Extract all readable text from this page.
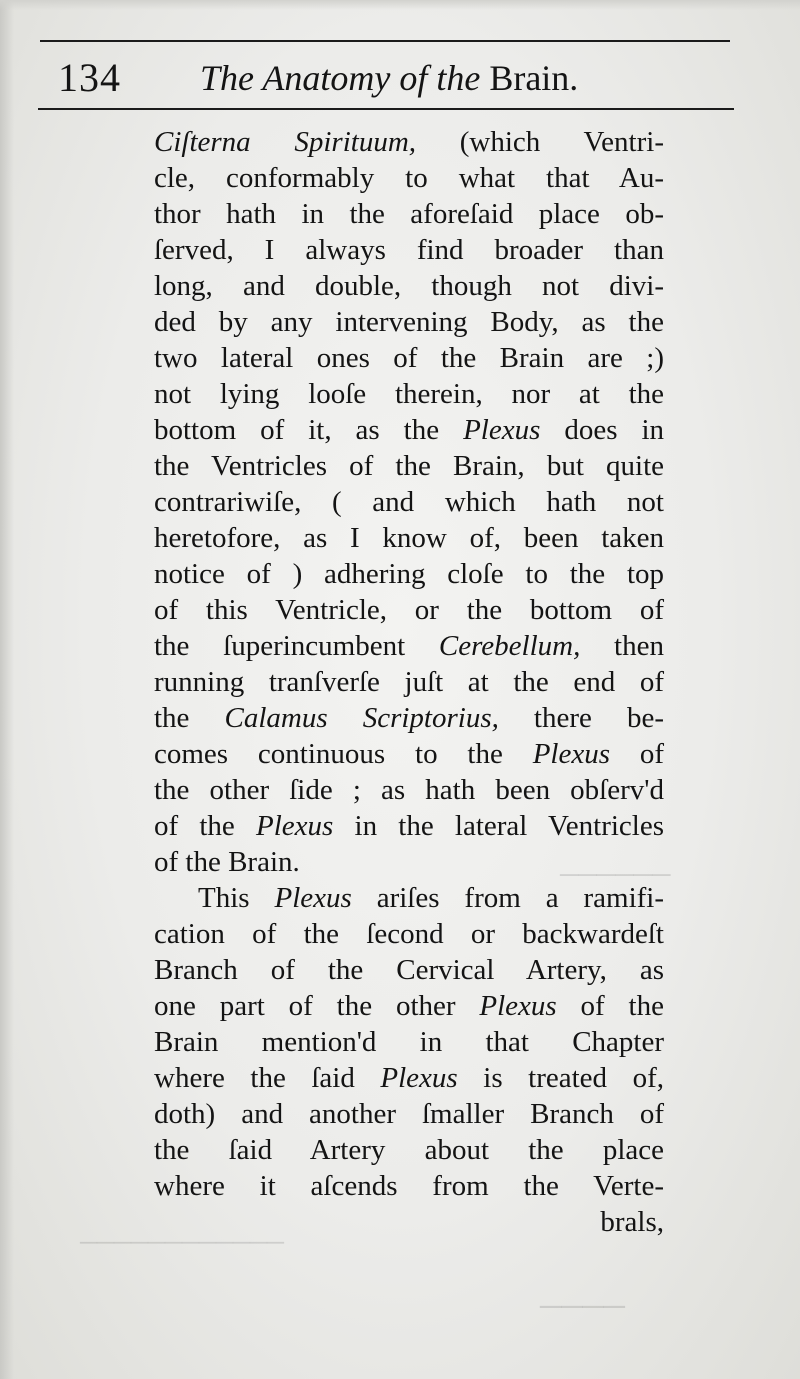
──────
────────────
────
134 The Anatomy of the Brain.
Ciſterna Spirituum, (which Ventri-
cle, conformably to what that Au-
thor hath in the aforeſaid place ob-
ſerved, I always find broader than
long, and double, though not divi-
ded by any intervening Body, as the
two lateral ones of the Brain are ;)
not lying looſe therein, nor at the
bottom of it, as the Plexus does in
the Ventricles of the Brain, but quite
contrariwiſe, ( and which hath not
heretofore, as I know of, been taken
notice of ) adhering cloſe to the top
of this Ventricle, or the bottom of
the ſuperincumbent Cerebellum, then
running tranſverſe juſt at the end of
the Calamus Scriptorius, there be-
comes continuous to the Plexus of
the other ſide ; as hath been obſerv'd
of the Plexus in the lateral Ventricles
of the Brain.
This Plexus ariſes from a ramifi-
cation of the ſecond or backwardeſt
Branch of the Cervical Artery, as
one part of the other Plexus of the
Brain mention'd in that Chapter
where the ſaid Plexus is treated of,
doth) and another ſmaller Branch of
the ſaid Artery about the place
where it aſcends from the Verte-
brals,
